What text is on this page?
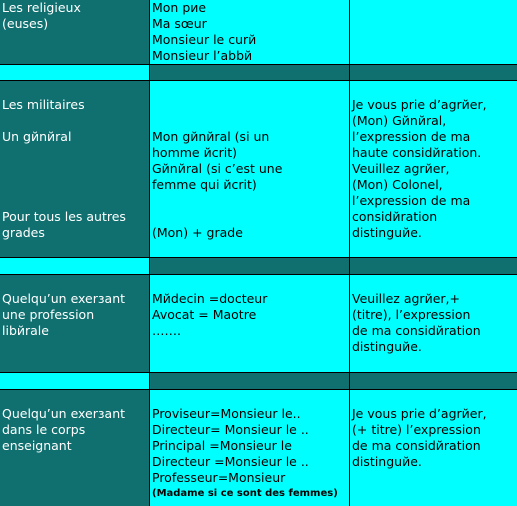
Les religieux
(euses)
Mon рие
Ma sœur
Monsieur le curй
Monsieur l’abbй
Les militaires
Un gйnйral
Pour tous les autres
grades
Mon gйnйral (si un
homme йcrit)
Gйnйral (si c’est une
femme qui йcrit)
(Mon) + grade
Je vous prie d’agrйer,
(Mon) Gйnйral,
l’expression de ma
haute considйration.
Veuillez agrйer,
(Mon) Colonel,
l’expression de ma
considйration
distinguйe.
Quelqu’un exerзant
une profession
libйrale
Mйdecin =docteur
Avocat = Maotre
…….
Veuillez agrйer,+
(titre), l’expression
de ma considйration
distinguйe.
Quelqu’un exerзant
dans le corps
enseignant
Proviseur=Monsieur le..
Directeur= Monsieur le ..
Principal =Monsieur le
Directeur =Monsieur le ..
Professeur=Monsieur
(Madame si ce sont des femmes)
Je vous prie d’agrйer,
(+ titre) l’expression
de ma considйration
distinguйe.
